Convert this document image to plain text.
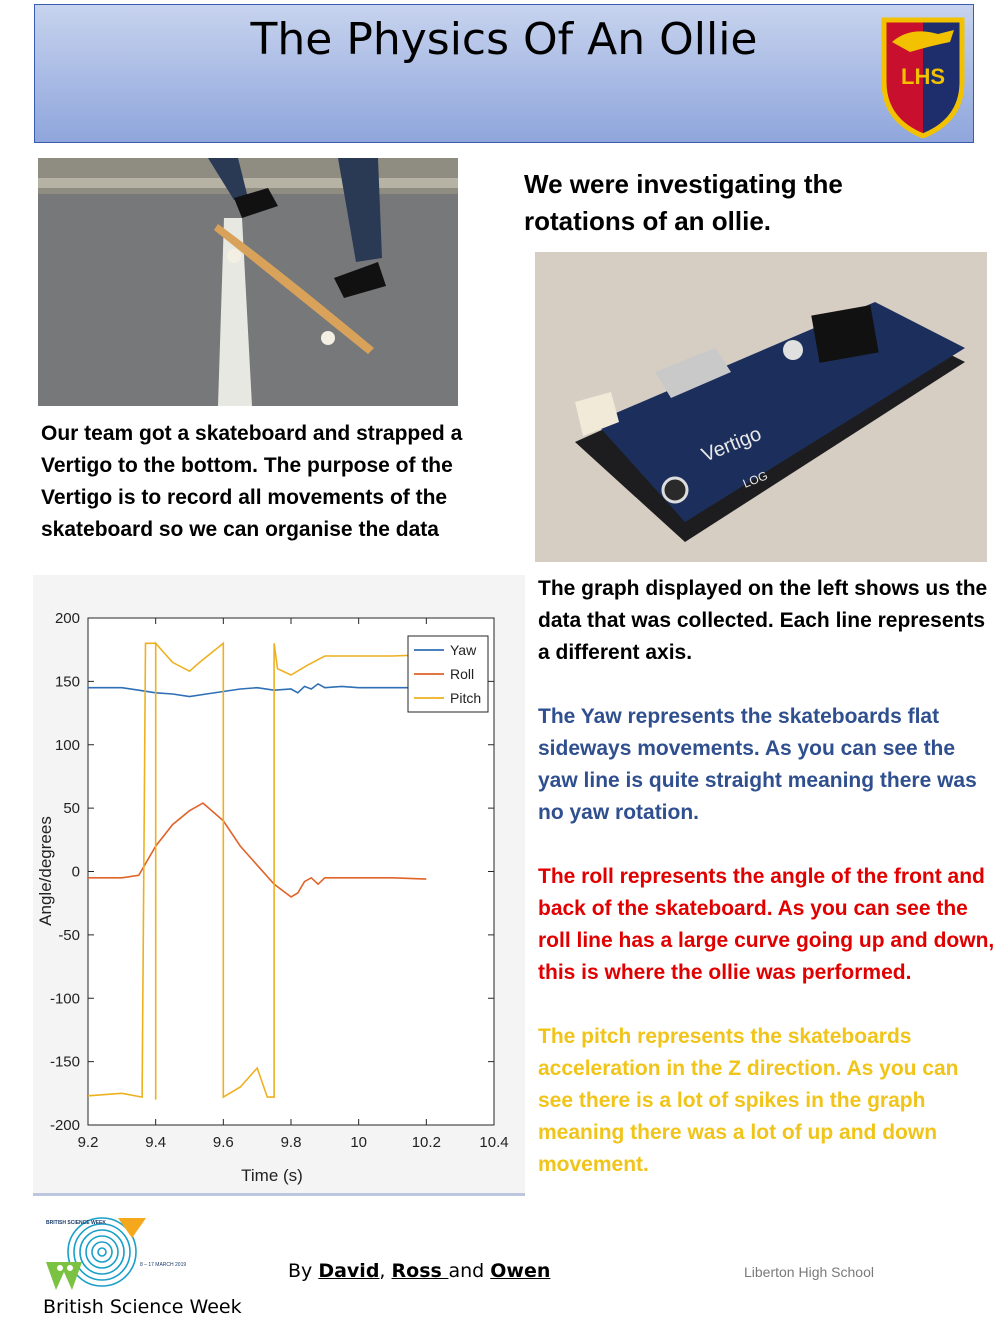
The Physics Of An Ollie
LHS
We were investigating the rotations of an ollie.
Vertigo
LOG
Our team got a skateboard and strapped a Vertigo to the bottom. The purpose of the Vertigo is to record all movements of the skateboard so we can organise the data
9.2	9.4	9.6	9.8	10	10.2	10.4
200
150
100
50
0
-50
-100
-150
-200
Yaw
Roll
Pitch
Time (s)
Angle/degrees

The graph displayed on the left shows us the data that was collected. Each line represents a different axis.

The Yaw represents the skateboards flat sideways movements. As you can see the yaw line is quite straight meaning there was no yaw rotation.

The roll represents the angle of the front and back of the skateboard. As you can see the roll line has a large curve going up and down, this is where the ollie was performed.

The pitch represents the skateboards acceleration in the Z direction. As you can see there is a lot of spikes in the graph meaning there was a lot of up and down movement.

BRITISH SCIENCE WEEK
8 – 17 MARCH 2019
British Science Week
By David, Ross and Owen	Liberton High School
